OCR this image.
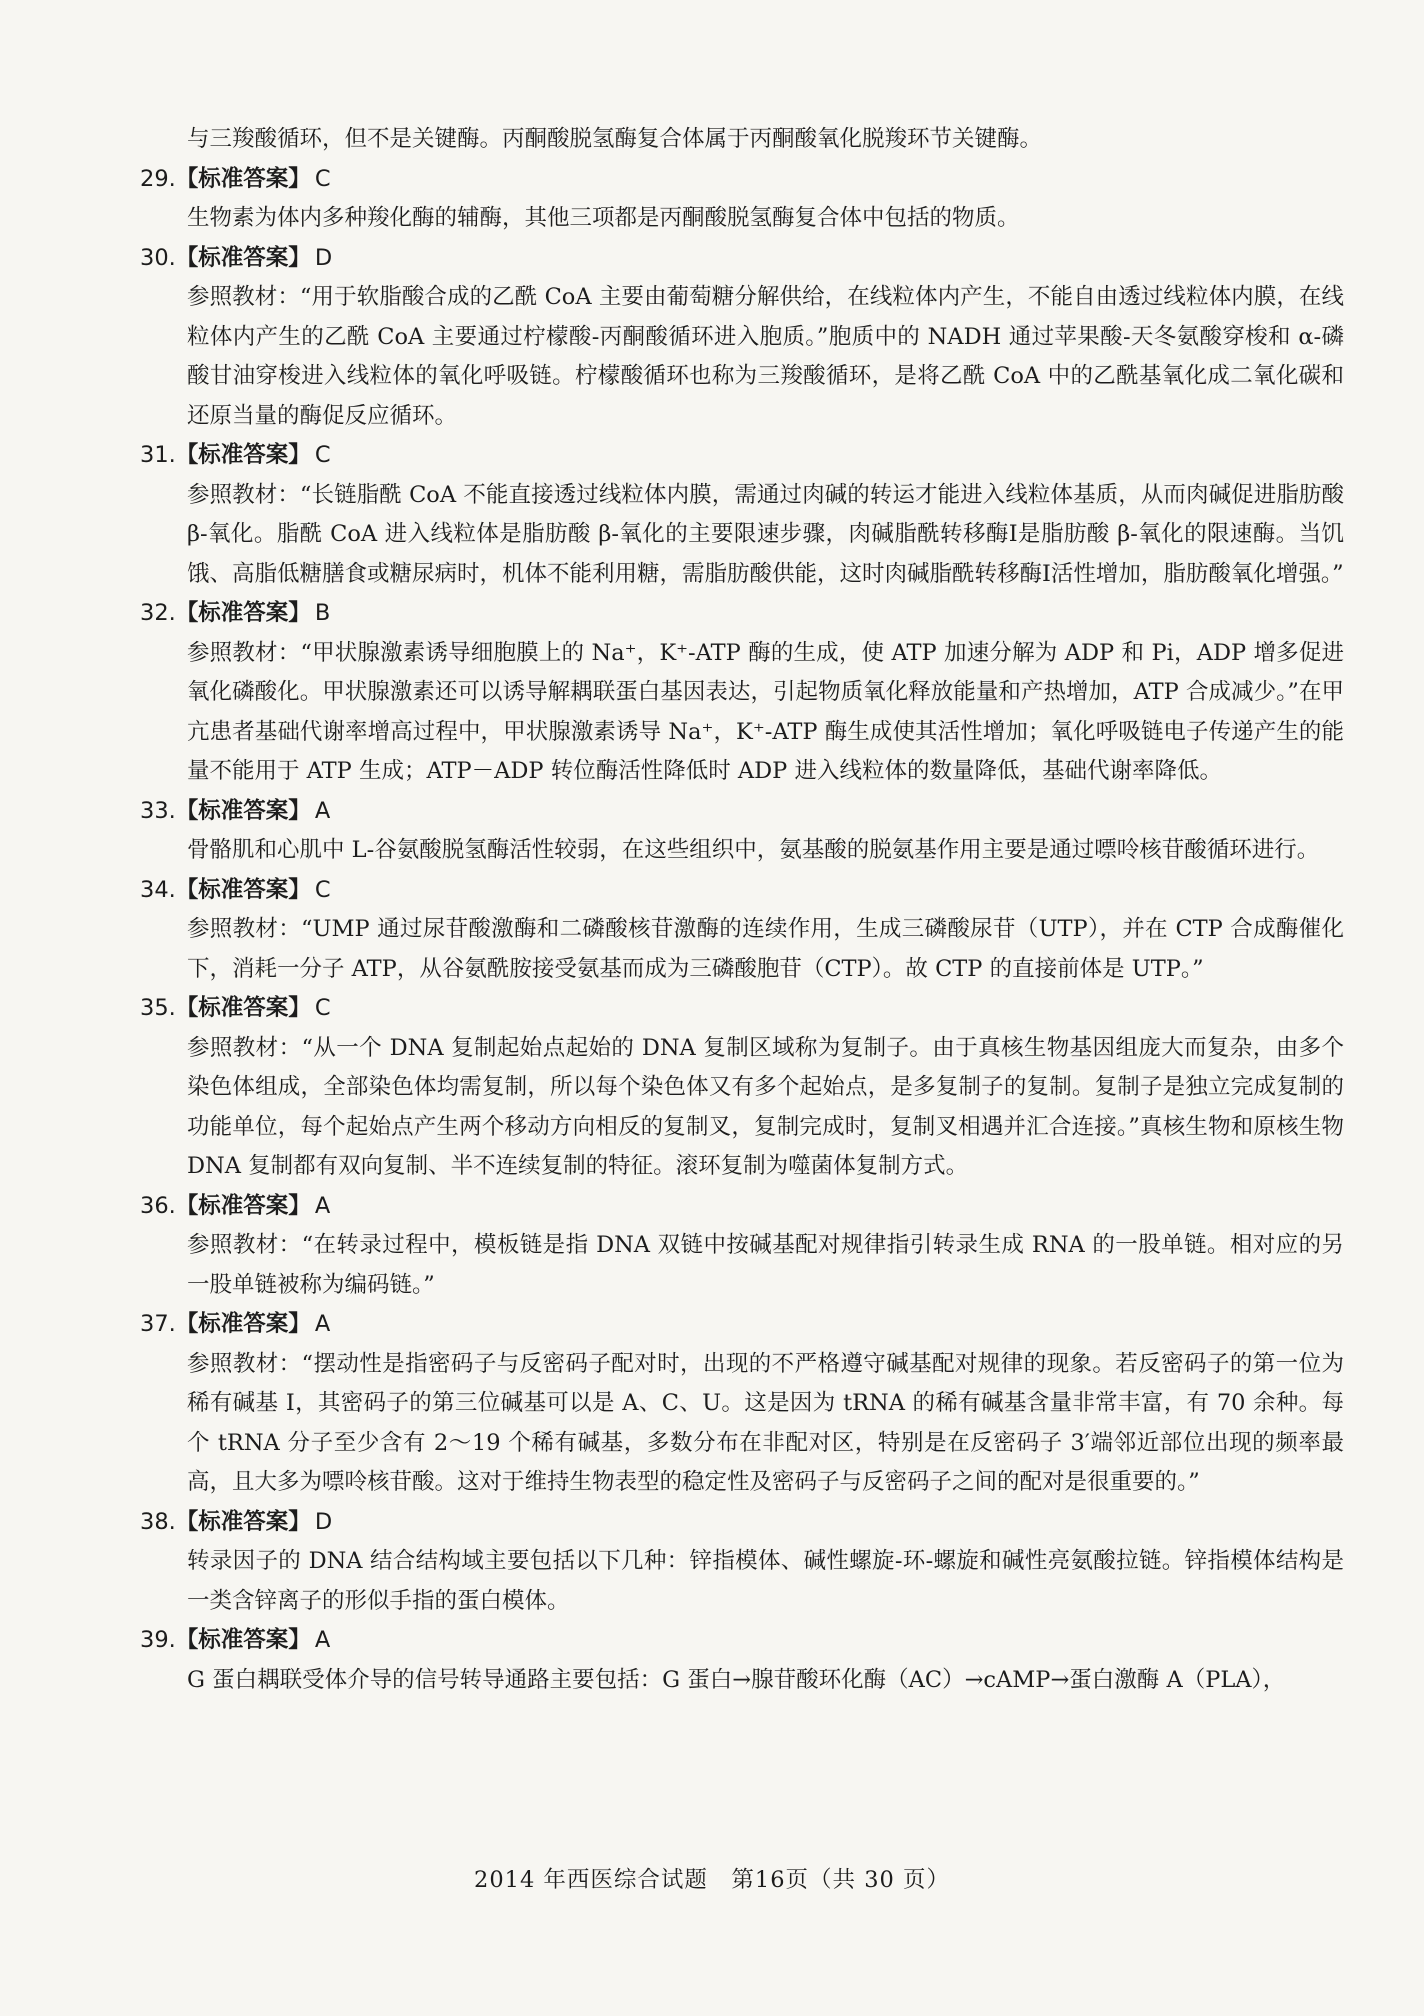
与三羧酸循环，但不是关键酶。丙酮酸脱氢酶复合体属于丙酮酸氧化脱羧环节关键酶。

29.【标准答案】 C

生物素为体内多种羧化酶的辅酶，其他三项都是丙酮酸脱氢酶复合体中包括的物质。

30.【标准答案】 D

参照教材：“用于软脂酸合成的乙酰 CoA 主要由葡萄糖分解供给，在线粒体内产生，不能自由透过线粒体内膜，在线粒体内产生的乙酰 CoA 主要通过柠檬酸-丙酮酸循环进入胞质。”胞质中的 NADH 通过苹果酸-天冬氨酸穿梭和 α-磷酸甘油穿梭进入线粒体的氧化呼吸链。柠檬酸循环也称为三羧酸循环，是将乙酰 CoA 中的乙酰基氧化成二氧化碳和还原当量的酶促反应循环。

31.【标准答案】 C

参照教材：“长链脂酰 CoA 不能直接透过线粒体内膜，需通过肉碱的转运才能进入线粒体基质，从而肉碱促进脂肪酸 β-氧化。脂酰 CoA 进入线粒体是脂肪酸 β-氧化的主要限速步骤，肉碱脂酰转移酶Ⅰ是脂肪酸 β-氧化的限速酶。当饥饿、高脂低糖膳食或糖尿病时，机体不能利用糖，需脂肪酸供能，这时肉碱脂酰转移酶Ⅰ活性增加，脂肪酸氧化增强。”

32.【标准答案】 B

参照教材：“甲状腺激素诱导细胞膜上的 Na⁺，K⁺-ATP 酶的生成，使 ATP 加速分解为 ADP 和 Pi，ADP 增多促进氧化磷酸化。甲状腺激素还可以诱导解耦联蛋白基因表达，引起物质氧化释放能量和产热增加，ATP 合成减少。”在甲亢患者基础代谢率增高过程中，甲状腺激素诱导 Na⁺，K⁺-ATP 酶生成使其活性增加；氧化呼吸链电子传递产生的能量不能用于 ATP 生成；ATP－ADP 转位酶活性降低时 ADP 进入线粒体的数量降低，基础代谢率降低。

33.【标准答案】 A

骨骼肌和心肌中 L-谷氨酸脱氢酶活性较弱，在这些组织中，氨基酸的脱氨基作用主要是通过嘌呤核苷酸循环进行。

34.【标准答案】 C

参照教材：“UMP 通过尿苷酸激酶和二磷酸核苷激酶的连续作用，生成三磷酸尿苷（UTP），并在 CTP 合成酶催化下，消耗一分子 ATP，从谷氨酰胺接受氨基而成为三磷酸胞苷（CTP）。故 CTP 的直接前体是 UTP。”

35.【标准答案】 C

参照教材：“从一个 DNA 复制起始点起始的 DNA 复制区域称为复制子。由于真核生物基因组庞大而复杂，由多个染色体组成，全部染色体均需复制，所以每个染色体又有多个起始点，是多复制子的复制。复制子是独立完成复制的功能单位，每个起始点产生两个移动方向相反的复制叉，复制完成时，复制叉相遇并汇合连接。”真核生物和原核生物 DNA 复制都有双向复制、半不连续复制的特征。滚环复制为噬菌体复制方式。

36.【标准答案】 A

参照教材：“在转录过程中，模板链是指 DNA 双链中按碱基配对规律指引转录生成 RNA 的一股单链。相对应的另一股单链被称为编码链。”

37.【标准答案】 A

参照教材：“摆动性是指密码子与反密码子配对时，出现的不严格遵守碱基配对规律的现象。若反密码子的第一位为稀有碱基 I，其密码子的第三位碱基可以是 A、C、U。这是因为 tRNA 的稀有碱基含量非常丰富，有 70 余种。每个 tRNA 分子至少含有 2～19 个稀有碱基，多数分布在非配对区，特别是在反密码子 3′端邻近部位出现的频率最高，且大多为嘌呤核苷酸。这对于维持生物表型的稳定性及密码子与反密码子之间的配对是很重要的。”

38.【标准答案】 D

转录因子的 DNA 结合结构域主要包括以下几种：锌指模体、碱性螺旋-环-螺旋和碱性亮氨酸拉链。锌指模体结构是一类含锌离子的形似手指的蛋白模体。

39.【标准答案】 A

G 蛋白耦联受体介导的信号转导通路主要包括：G 蛋白→腺苷酸环化酶（AC）→cAMP→蛋白激酶 A（PLA），

2014 年西医综合试题　第16页（共 30 页）
